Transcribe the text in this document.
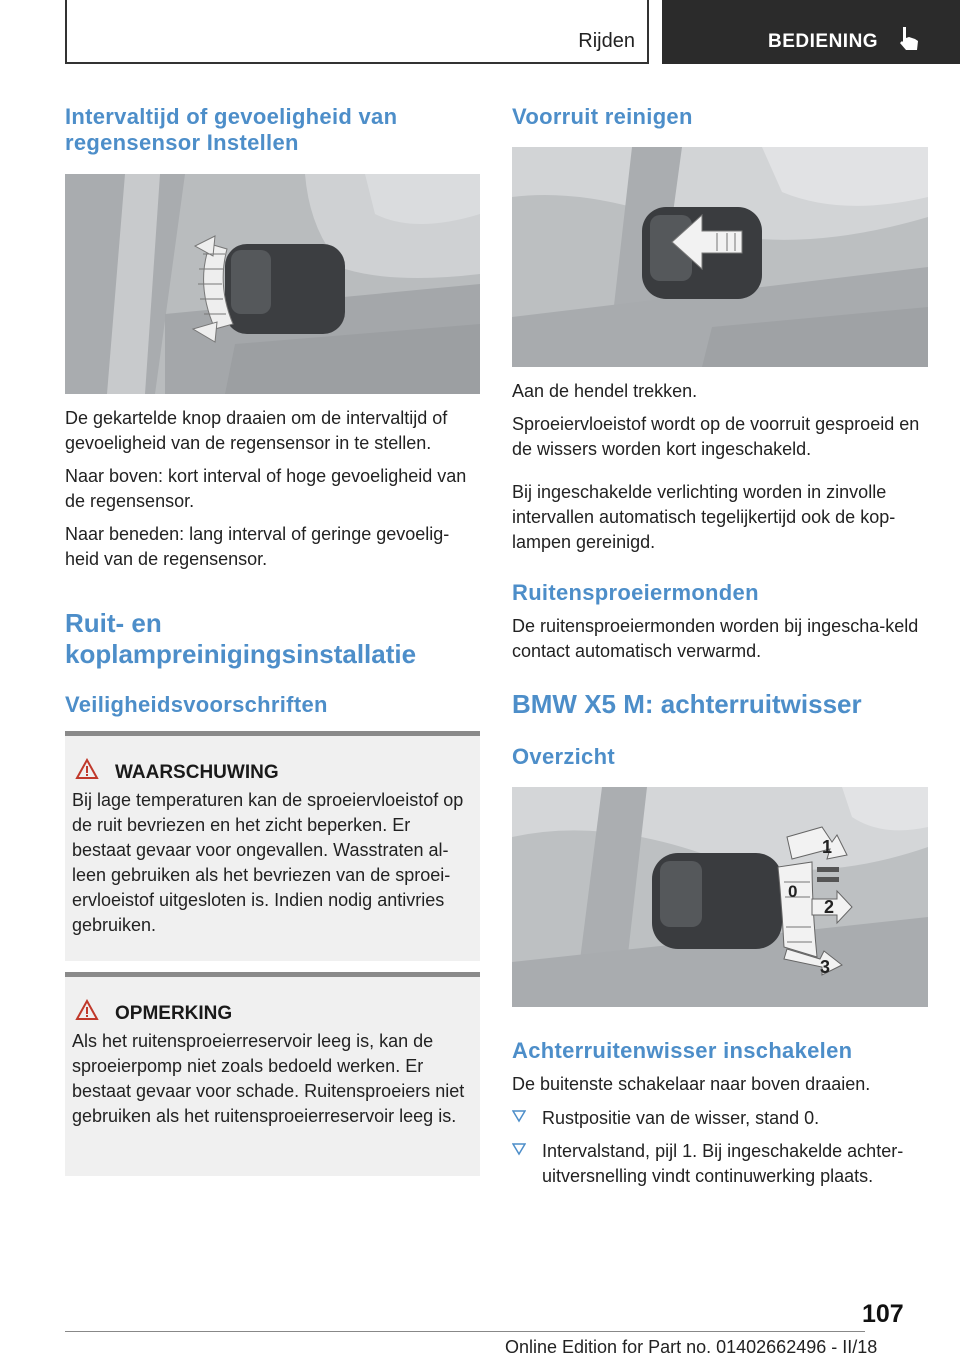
Rijden	BEDIENING
Intervaltijd of gevoeligheid van regensensor Instellen
De gekartelde knop draaien om de intervaltijd of gevoeligheid van de regensensor in te stellen.
Naar boven: kort interval of hoge gevoeligheid van de regensensor.
Naar beneden: lang interval of geringe gevoelig-heid van de regensensor.
Ruit- en koplampreinigingsinstallatie
Veiligheidsvoorschriften
WAARSCHUWING
Bij lage temperaturen kan de sproeiervloeistof op de ruit bevriezen en het zicht beperken. Er bestaat gevaar voor ongevallen. Wasstraten al-leen gebruiken als het bevriezen van de sproei-ervloeistof uitgesloten is. Indien nodig antivries gebruiken.
OPMERKING
Als het ruitensproeierreservoir leeg is, kan de sproeierpomp niet zoals bedoeld werken. Er bestaat gevaar voor schade. Ruitensproeiers niet gebruiken als het ruitensproeierreservoir leeg is.
Voorruit reinigen
Aan de hendel trekken.
Sproeiervloeistof wordt op de voorruit gesproeid en de wissers worden kort ingeschakeld.
Bij ingeschakelde verlichting worden in zinvolle intervallen automatisch tegelijkertijd ook de kop-lampen gereinigd.
Ruitensproeiermonden
De ruitensproeiermonden worden bij ingescha-keld contact automatisch verwarmd.
BMW X5 M: achterruitwisser
Overzicht
0
1
2
3
Achterruitenwisser inschakelen
De buitenste schakelaar naar boven draaien.
Rustpositie van de wisser, stand 0.
Intervalstand, pijl 1. Bij ingeschakelde achter-uitversnelling vindt continuwerking plaats.
107
Online Edition for Part no. 01402662496 - II/18
